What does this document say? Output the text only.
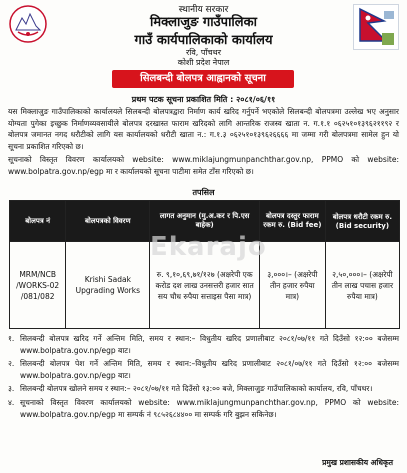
स्थानीय सरकार
मिक्लाजुङ गाउँपालिका
गाउँ कार्यपालिकाको कार्यालय
रवि, पाँचथर
कोशी प्रदेश नेपाल
सिलबन्दी बोलपत्र आह्वानको सूचना
प्रथम पटक सूचना प्रकाशित मिति : २०८१/०६/११
यस मिक्लाजुङ गाउँपालिकाको कार्यालयले सिलबन्दी बोलपत्रद्वारा निर्माण कार्य खरिद गर्नुपर्ने भएकोले सिलबन्दी बोलपत्रमा उल्लेख भए अनुसार योग्यता पुगेका इच्छुक निर्माणव्यवसायीले बोलपत्र दरखास्त फाराम खरिदको लागि आन्तरिक राजस्व खाता न. ग.१.१ ०६२५१०१३९६२११९२ र बोलपत्र जमानत नगद धरौटीको लागि यस कार्यालयको धरौटी खाता न.: ग.१.३ ०६२५१०१३९६२६६६६ मा जम्मा गरी बोलपत्रमा सामेल हुन यो सूचना प्रकाशित गरिएको छ।
सूचनाको विस्तृत विवरण कार्यालयको website: www.miklajungmunpanchthar.gov.np, PPMO को website: www.bolpatra.gov.np/egp मा र कार्यालयको सूचना पाटीमा समेत टाँस गरिएको छ।
तपसिल
बोलपत्र नं	बोलपत्रको विवरण	लागत अनुमान (मु.अ.कर र पि.एस बाहेक)	बोलपत्र दस्तुर फाराम रकम रु. (Bid fee)	बोलपत्र धरौटी रकम रु. (Bid security)
MRM/NCB /WORKS-02 /081/082	Krishi Sadak Upgrading Works	रु. ९,१०,६९,७१/१२७ (अक्षरेपी एक करोड दश लाख उनसत्तरी हजार सात सय चौध रुपैया सत्ताइस पैसा मात्र)	३,०००।– (अक्षरेपी तीन हजार रुपैया मात्र)	२,५०,०००।– (अक्षरेपी तीन लाख पचास हजार रुपैया मात्र)
Ekarajo
१. सिलबन्दी बोलपत्र खरिद गर्ने अन्तिम मिति, समय र स्थान:– विधुतीय खरिद प्रणालीबाट २०८१/०७/११ गते दिउँसो १२:०० बजेसम्म www.bolpatra.gov.np/egp बाट।
२. सिलबन्दी बोलपत्र पेश गर्ने अन्तिम मिति, समय र स्थान:–विधुतीय खरिद प्रणालीबाट २०८१/०७/११ गते दिउँसो १२:०० बजेसम्म www.bolpatra.gov.np/egp बाट।
३. सिलबन्दी बोलपत्र खोलने समय र स्थान:– २०८१/०७/११ गते दिउँसो १३:०० बजे, मिक्लाजुङ गाउँपालिकाको कार्यालय, रवि, पाँचथर।
४. सूचनाको विस्तृत विवरण कार्यालयको website: www.miklajungmunpanchthar.gov.np, PPMO को website: www.bolpatra.gov.np/egp मा सम्पर्क नं ९८५२६८४४०० मा सम्पर्क गरि बुझन सकिनेछ।
प्रमुख प्रशासकीय अधिकृत
